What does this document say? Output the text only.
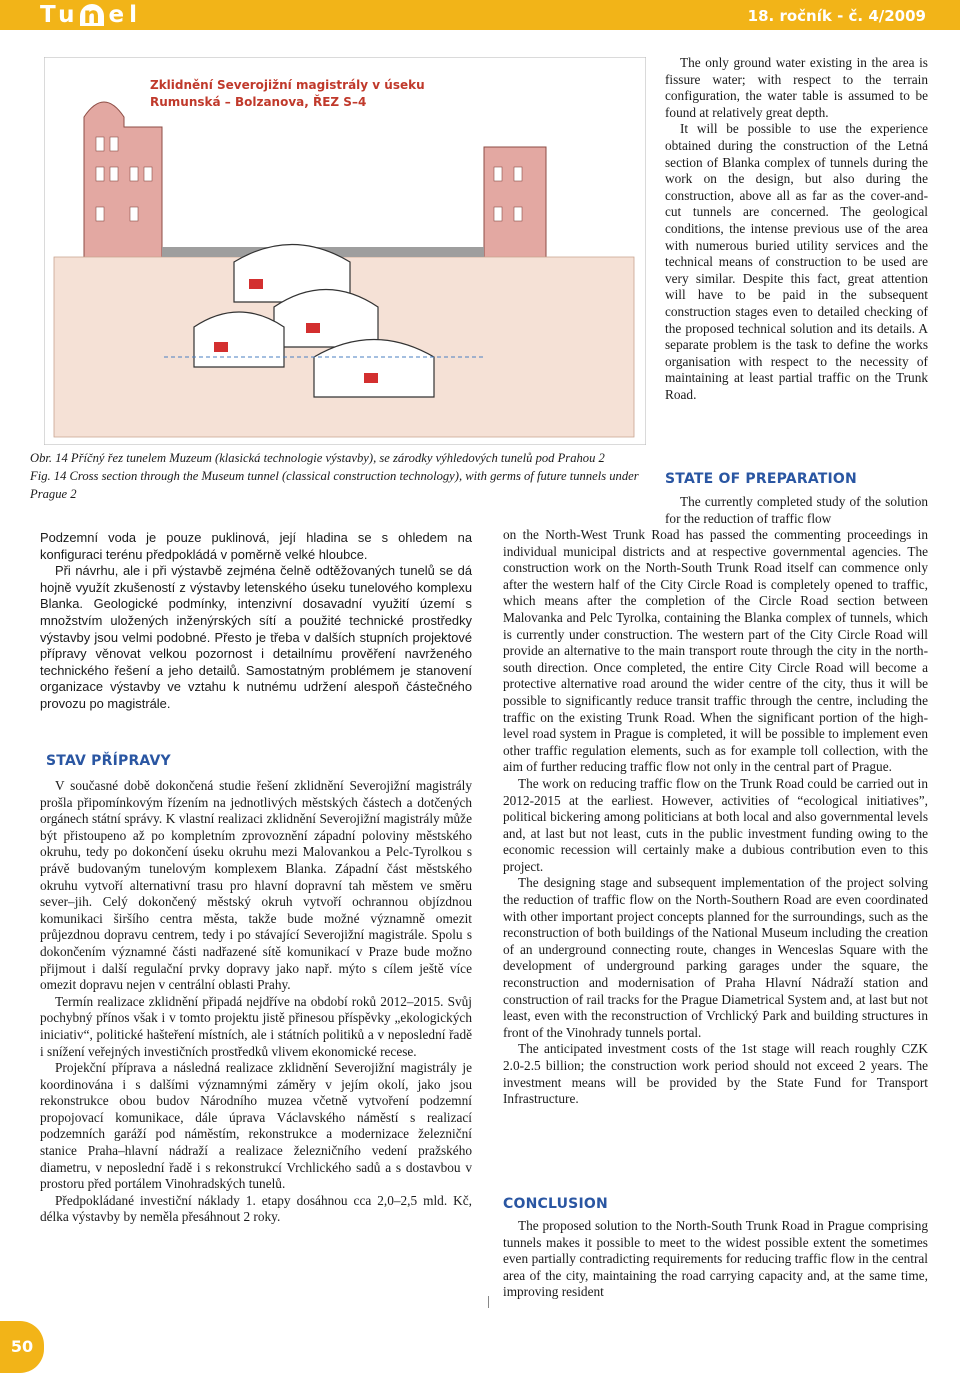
Tu n el	18. ročník - č. 4/2009
Zklidnění Severojižní magistrály v úseku
Rumunská – Bolzanova, ŘEZ S–4

Obr. 14 Příčný řez tunelem Muzeum (klasická technologie výstavby), se zárodky výhledových tunelů pod Prahou 2

Fig. 14 Cross section through the Museum tunnel (classical construction technology), with germs of future tunnels under Prague 2

Podzemní voda je pouze puklinová, její hladina se s ohledem na konfiguraci terénu předpokládá v poměrně velké hloubce.

Při návrhu, ale i při výstavbě zejména čelně odtěžovaných tunelů se dá hojně využít zkušeností z výstavby letenského úseku tunelového komplexu Blanka. Geologické podmínky, intenzivní dosavadní využití území s množstvím uložených inženýrských sítí a použité technické prostředky výstavby jsou velmi podobné. Přesto je třeba v dalších stupních projektové přípravy věnovat velkou pozornost i detailnímu prověření navrženého technického řešení a jeho detailů. Samostatným problémem je stanovení organizace výstavby ve vztahu k nutnému udržení alespoň částečného provozu po magistrále.

STAV PŘÍPRAVY

V současné době dokončená studie řešení zklidnění Severojižní magistrály prošla připomínkovým řízením na jednotlivých městských částech a dotčených orgánech státní správy. K vlastní realizaci zklidnění Severojižní magistrály může být přistoupeno až po kompletním zprovoznění západní poloviny městského okruhu, tedy po dokončení úseku okruhu mezi Malovankou a Pelc-Tyrolkou s právě budovaným tunelovým komplexem Blanka. Západní část městského okruhu vytvoří alternativní trasu pro hlavní dopravní tah městem ve směru sever–jih. Celý dokončený městský okruh vytvoří ochrannou objízdnou komunikaci širšího centra města, takže bude možné významně omezit průjezdnou dopravu centrem, tedy i po stávající Severojižní magistrále. Spolu s dokončením významné části nadřazené sítě komunikací v Praze bude možno přijmout i další regulační prvky dopravy jako např. mýto s cílem ještě více omezit dopravu nejen v centrální oblasti Prahy.

Termín realizace zklidnění připadá nejdříve na období roků 2012–2015. Svůj pochybný přínos však i v tomto projektu jistě přinesou příspěvky „ekologických iniciativ“, politické hašteření místních, ale i státních politiků a v neposlední řadě i snížení veřejných investičních prostředků vlivem ekonomické recese.

Projekční příprava a následná realizace zklidnění Severojižní magistrály je koordinována i s dalšími významnými záměry v jejím okolí, jako jsou rekonstrukce obou budov Národního muzea včetně vytvoření podzemní propojovací komunikace, dále úprava Václavského náměstí s realizací podzemních garáží pod náměstím, rekonstrukce a modernizace železniční stanice Praha–hlavní nádraží a realizace železničního vedení pražského diametru, v neposlední řadě i s rekonstrukcí Vrchlického sadů a s dostavbou v prostoru před portálem Vinohradských tunelů.

Předpokládané investiční náklady 1. etapy dosáhnou cca 2,0–2,5 mld. Kč, délka výstavby by neměla přesáhnout 2 roky.

The only ground water existing in the area is fissure water; with respect to the terrain configuration, the water table is assumed to be found at relatively great depth.

It will be possible to use the experience obtained during the construction of the Letná section of Blanka complex of tunnels during the work on the design, but also during the construction, above all as far as the cover-and-cut tunnels are concerned. The geological conditions, the intense previous use of the area with numerous buried utility services and the technical means of construction to be used are very similar. Despite this fact, great attention will have to be paid in the subsequent construction stages even to detailed checking of the proposed technical solution and its details. A separate problem is the task to define the works organisation with respect to the necessity of maintaining at least partial traffic on the Trunk Road.

STATE OF PREPARATION

The currently completed study of the solution for the reduction of traffic flow

on the North-West Trunk Road has passed the commenting proceedings in individual municipal districts and at respective governmental agencies. The construction work on the North-South Trunk Road itself can commence only after the western half of the City Circle Road is completely opened to traffic, which means after the completion of the Circle Road section between Malovanka and Pelc Tyrolka, containing the Blanka complex of tunnels, which is currently under construction. The western part of the City Circle Road will provide an alternative to the main transport route through the city in the north-south direction. Once completed, the entire City Circle Road will become a protective alternative road around the wider centre of the city, thus it will be possible to significantly reduce transit traffic through the centre, including the traffic on the existing Trunk Road. When the significant portion of the high-level road system in Prague is completed, it will be possible to implement even other traffic regulation elements, such as for example toll collection, with the aim of further reducing traffic flow not only in the central part of Prague.

The work on reducing traffic flow on the Trunk Road could be carried out in 2012-2015 at the earliest. However, activities of “ecological initiatives”, political bickering among politicians at both local and also governmental levels and, at last but not least, cuts in the public investment funding owing to the economic recession will certainly make a dubious contribution even to this project.

The designing stage and subsequent implementation of the project solving the reduction of traffic flow on the North-Southern Road are even coordinated with other important project concepts planned for the surroundings, such as the reconstruction of both buildings of the National Museum including the creation of an underground connecting route, changes in Wenceslas Square with the development of underground parking garages under the square, the reconstruction and modernisation of Praha Hlavní Nádraží station and construction of rail tracks for the Prague Diametrical System and, at last but not least, even with the reconstruction of Vrchlický Park and building structures in front of the Vinohrady tunnels portal.

The anticipated investment costs of the 1st stage will reach roughly CZK 2.0-2.5 billion; the construction work period should not exceed 2 years. The investment means will be provided by the State Fund for Transport Infrastructure.

CONCLUSION

The proposed solution to the North-South Trunk Road in Prague comprising tunnels makes it possible to meet to the widest possible extent the sometimes even partially contradicting requirements for reducing traffic flow in the central area of the city, maintaining the road carrying capacity and, at the same time, improving resident

50
